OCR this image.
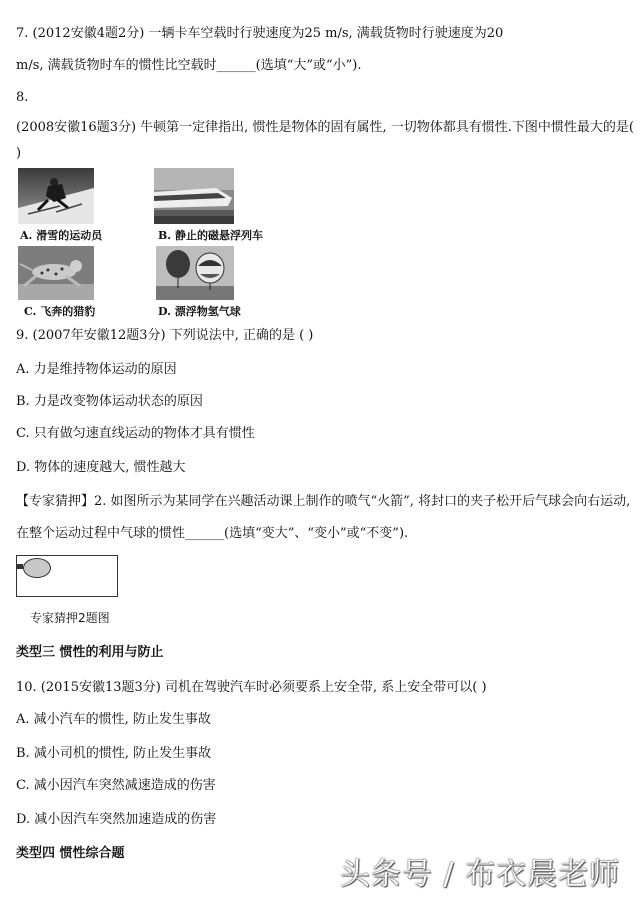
7. (2012安徽4题2分) 一辆卡车空载时行驶速度为25 m/s, 满载货物时行驶速度为20
m/s, 满载货物时车的惯性比空载时______(选填“大”或“小”).
8.
(2008安徽16题3分) 牛顿第一定律指出, 惯性是物体的固有属性, 一切物体都具有惯性.下图中惯性最大的是(
)
A. 滑雪的运动员	B. 静止的磁悬浮列车
C. 飞奔的猎豹	D. 漂浮物氢气球
9. (2007年安徽12题3分) 下列说法中, 正确的是 ( )
A. 力是维持物体运动的原因
B. 力是改变物体运动状态的原因
C. 只有做匀速直线运动的物体才具有惯性
D. 物体的速度越大, 惯性越大
【专家猜押】2. 如图所示为某同学在兴趣活动课上制作的喷气“火箭”, 将封口的夹子松开后气球会向右运动,
在整个运动过程中气球的惯性______(选填“变大”、“变小”或“不变”).
专家猜押2题图
类型三 惯性的利用与防止
10. (2015安徽13题3分) 司机在驾驶汽车时必须要系上安全带, 系上安全带可以( )
A. 减小汽车的惯性, 防止发生事故
B. 减小司机的惯性, 防止发生事故
C. 减小因汽车突然减速造成的伤害
D. 减小因汽车突然加速造成的伤害
类型四 惯性综合题
头条号 / 布衣晨老师
